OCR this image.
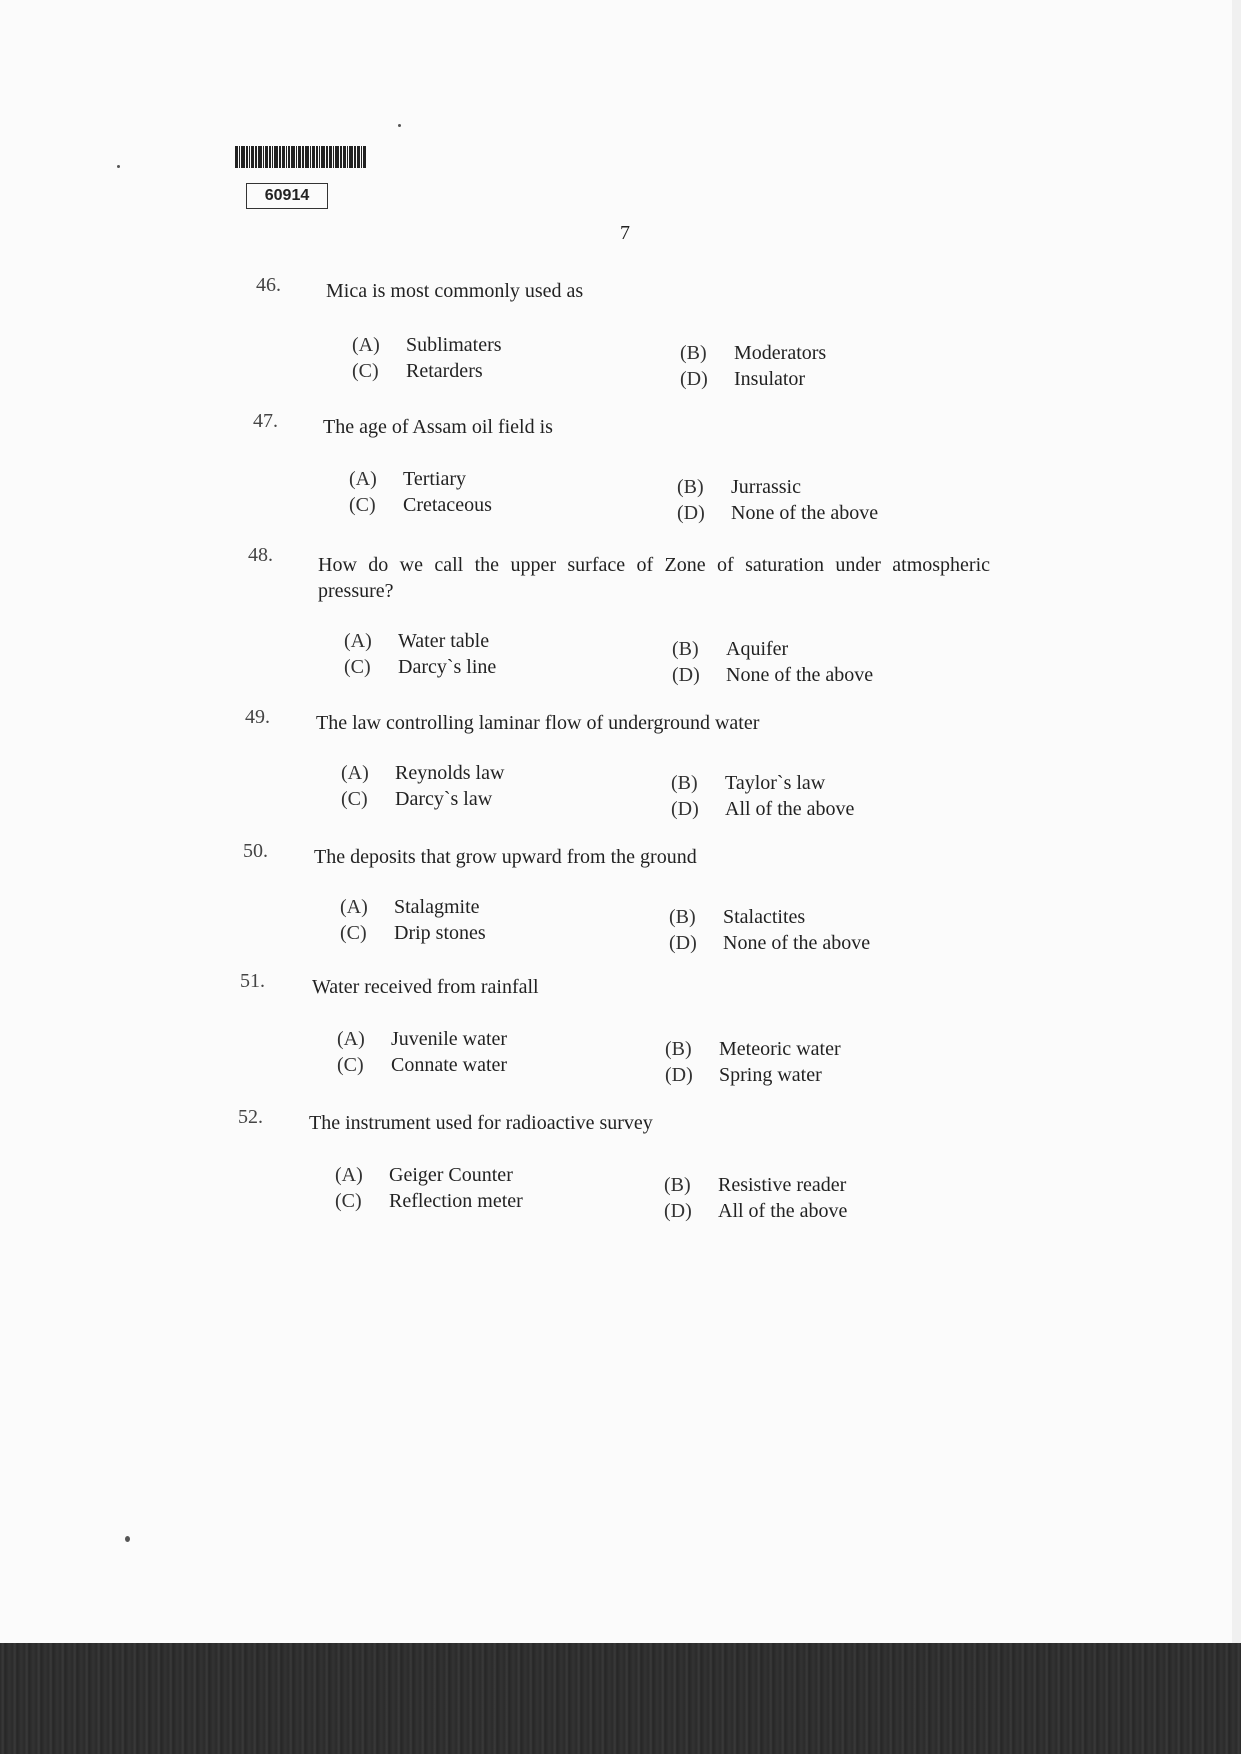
60914
7
46. Mica is most commonly used as
(A) Sublimaters	(B) Moderators
(C) Retarders	(D) Insulator
47. The age of Assam oil field is
(A) Tertiary	(B) Jurrassic
(C) Cretaceous	(D) None of the above
48. How do we call the upper surface of Zone of saturation under atmospheric pressure?
(A) Water table	(B) Aquifer
(C) Darcy`s line	(D) None of the above
49. The law controlling laminar flow of underground water
(A) Reynolds law	(B) Taylor`s law
(C) Darcy`s law	(D) All of the above
50. The deposits that grow upward from the ground
(A) Stalagmite	(B) Stalactites
(C) Drip stones	(D) None of the above
51. Water received from rainfall
(A) Juvenile water	(B) Meteoric water
(C) Connate water	(D) Spring water
52. The instrument used for radioactive survey
(A) Geiger Counter	(B) Resistive reader
(C) Reflection meter	(D) All of the above
